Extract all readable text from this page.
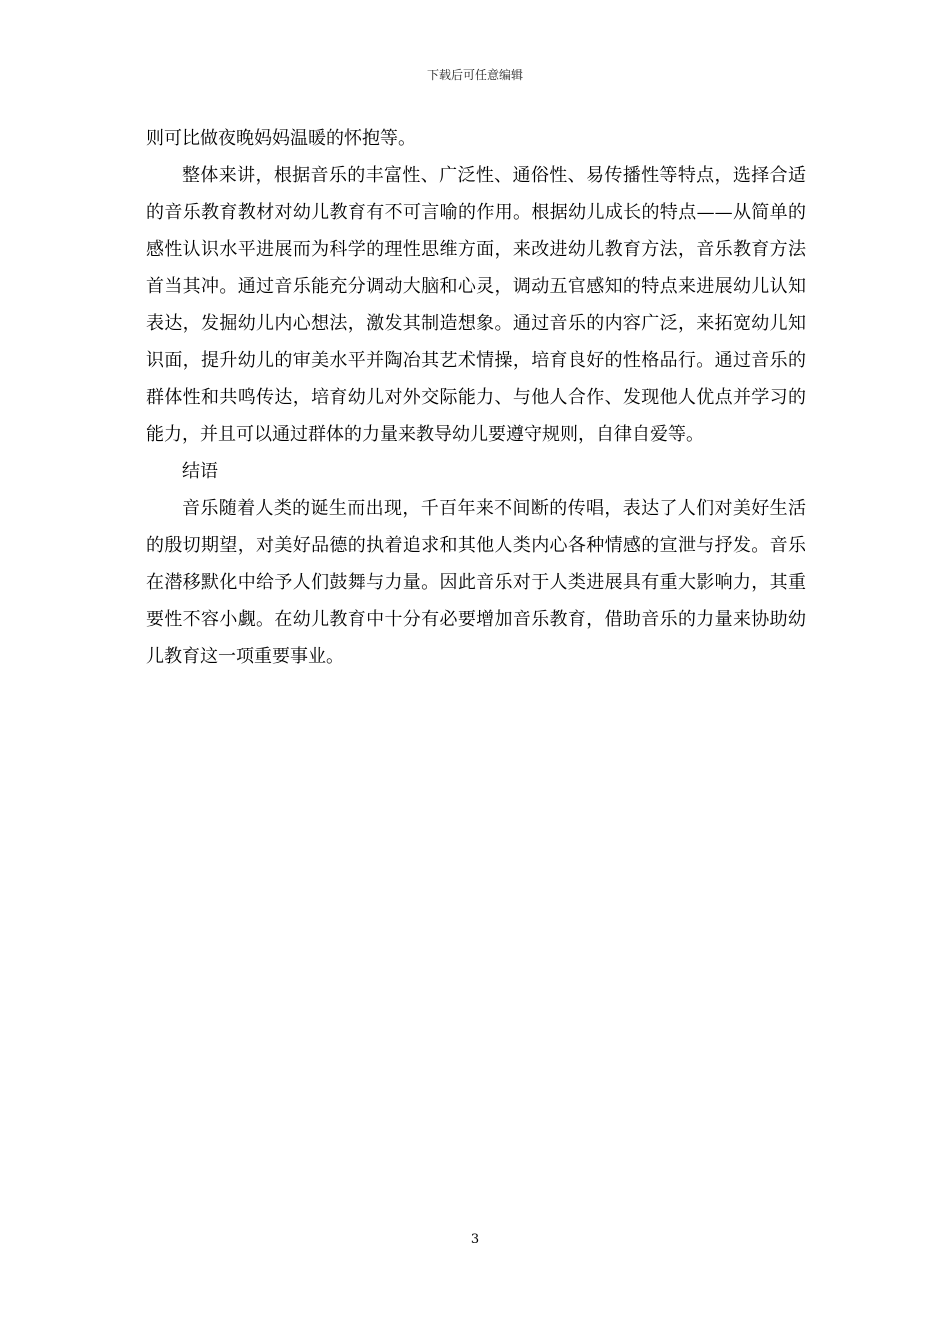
下载后可任意编辑

则可比做夜晚妈妈温暖的怀抱等。

整体来讲，根据音乐的丰富性、广泛性、通俗性、易传播性等特点，选择合适的音乐教育教材对幼儿教育有不可言喻的作用。根据幼儿成长的特点——从简单的感性认识水平进展而为科学的理性思维方面，来改进幼儿教育方法，音乐教育方法首当其冲。通过音乐能充分调动大脑和心灵，调动五官感知的特点来进展幼儿认知表达，发掘幼儿内心想法，激发其制造想象。通过音乐的内容广泛，来拓宽幼儿知识面，提升幼儿的审美水平并陶冶其艺术情操，培育良好的性格品行。通过音乐的群体性和共鸣传达，培育幼儿对外交际能力、与他人合作、发现他人优点并学习的能力，并且可以通过群体的力量来教导幼儿要遵守规则，自律自爱等。

结语

音乐随着人类的诞生而出现，千百年来不间断的传唱，表达了人们对美好生活的殷切期望，对美好品德的执着追求和其他人类内心各种情感的宣泄与抒发。音乐在潜移默化中给予人们鼓舞与力量。因此音乐对于人类进展具有重大影响力，其重要性不容小觑。在幼儿教育中十分有必要增加音乐教育，借助音乐的力量来协助幼儿教育这一项重要事业。

3
